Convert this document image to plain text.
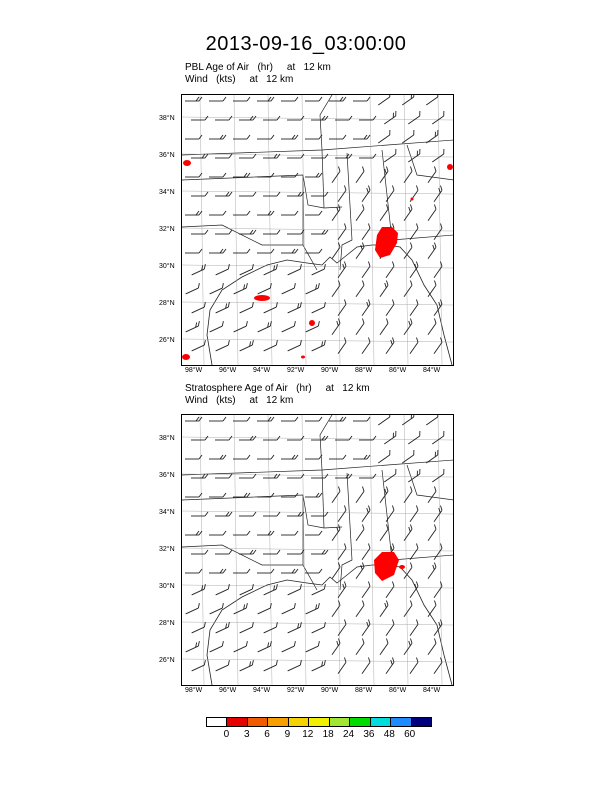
2013-09-16_03:00:00
PBL Age of Air   (hr)     at   12 km
Wind   (kts)     at   12 km
Stratosphere Age of Air   (hr)     at   12 km
Wind   (kts)     at   12 km
0 3 6 9 12 18 24 36 48 60
38°N
36°N
34°N
32°N
30°N
28°N
26°N
98°W 96°W 94°W 92°W 90°W 88°W 86°W 84°W
38°N
36°N
34°N
32°N
30°N
28°N
26°N
98°W 96°W 94°W 92°W 90°W 88°W 86°W 84°W
